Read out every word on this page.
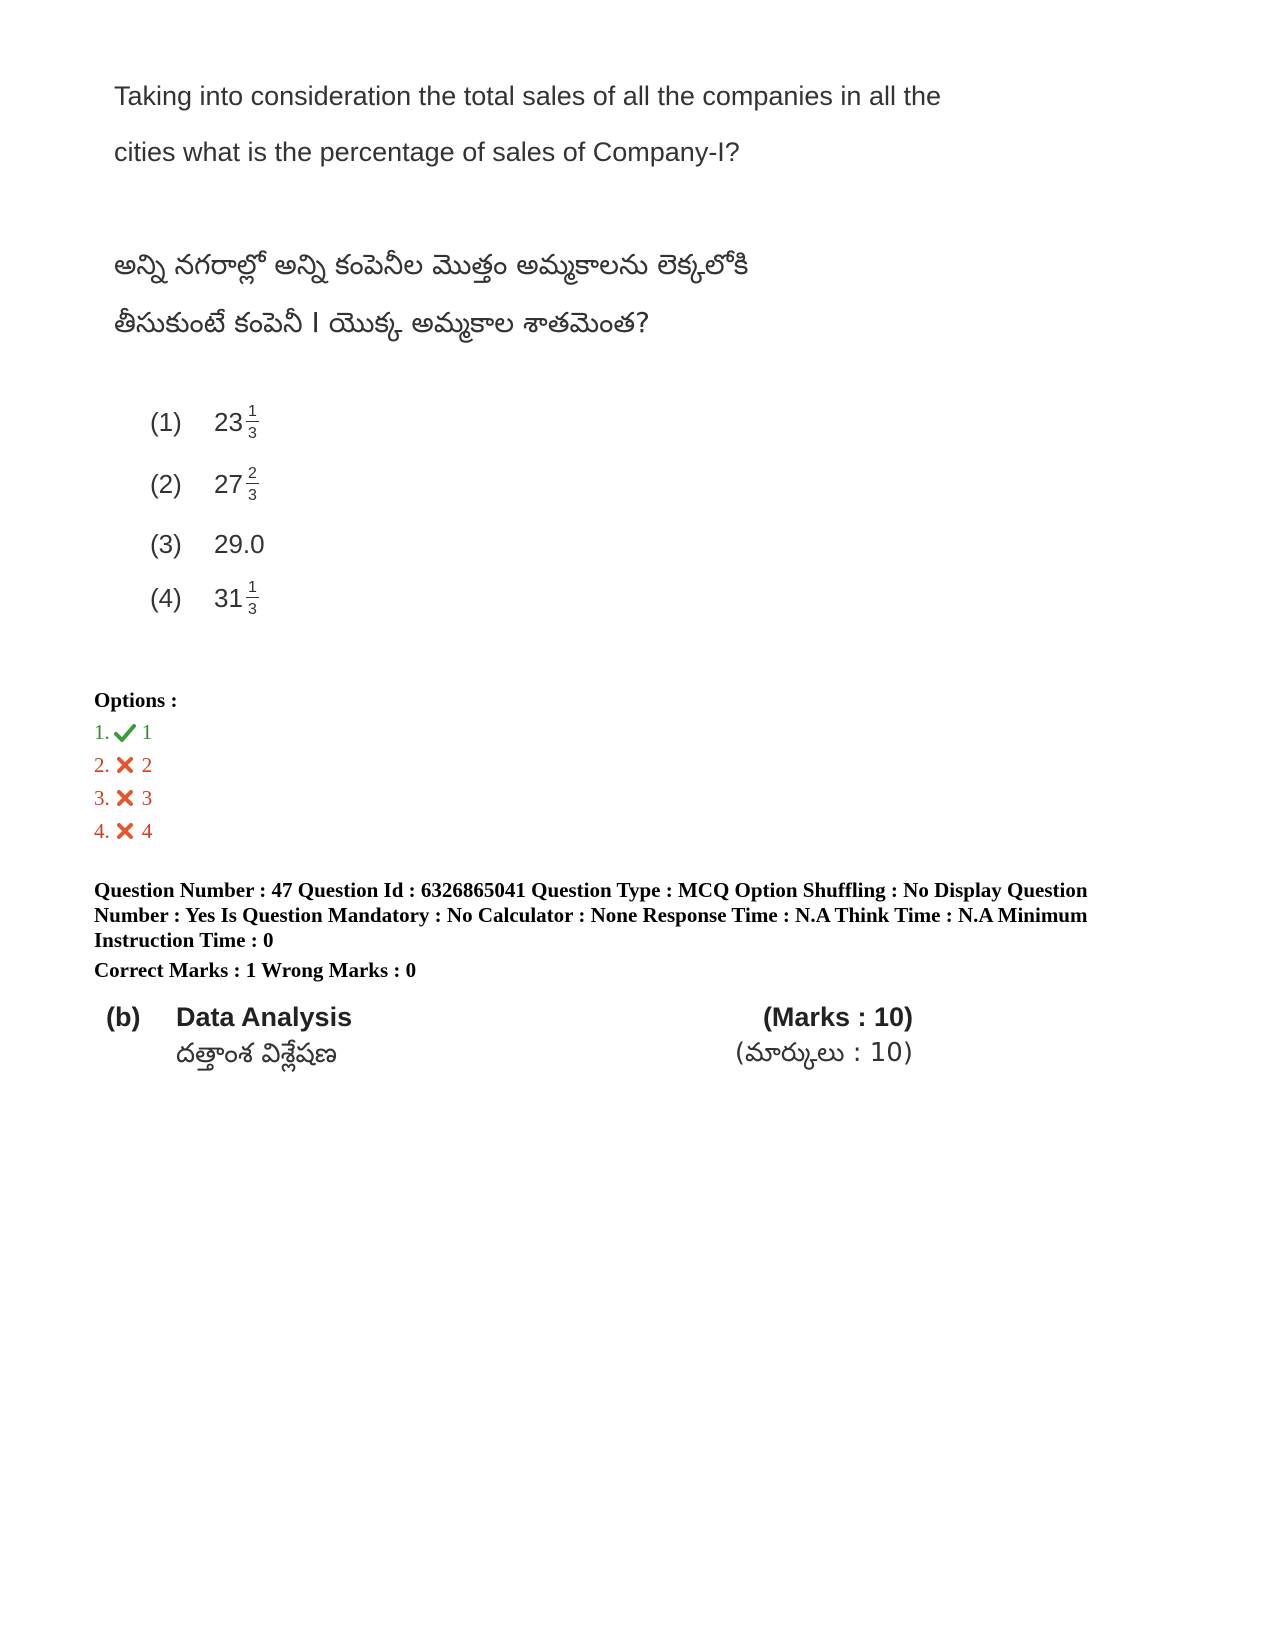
Taking into consideration the total sales of all the companies in all the
cities what is the percentage of sales of Company-I?
అన్ని నగరాల్లో అన్ని కంపెనీల మొత్తం అమ్మకాలను లెక్కలోకి
తీసుకుంటే కంపెనీ I యొక్క అమ్మకాల శాతమెంత?
(1)	$23 \frac{1}{3}$
(2)	$27 \frac{2}{3}$
(3)	29.0
(4)	$31 \frac{1}{3}$
Options :
1. 1
2. 2
3. 3
4. 4
Question Number : 47 Question Id : 6326865041 Question Type : MCQ Option Shuffling : No Display Question
Number : Yes Is Question Mandatory : No Calculator : None Response Time : N.A Think Time : N.A Minimum
Instruction Time : 0
Correct Marks : 1 Wrong Marks : 0
(b) Data Analysis
దత్తాంశ విశ్లేషణ
(Marks : 10)
(మార్కులు : 10)
